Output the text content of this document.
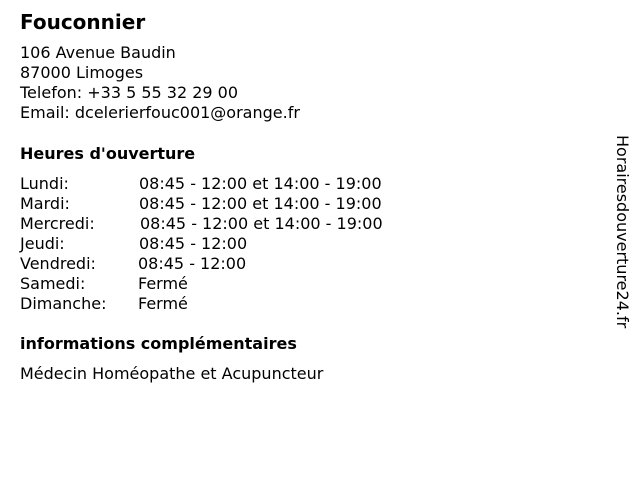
Fouconnier
106 Avenue Baudin
87000 Limoges
Telefon: +33 5 55 32 29 00
Email: dcelerierfouc001@orange.fr
Heures d'ouverture
Lundi:	08:45 - 12:00 et 14:00 - 19:00
Mardi:	08:45 - 12:00 et 14:00 - 19:00
Mercredi:	08:45 - 12:00 et 14:00 - 19:00
Jeudi:	08:45 - 12:00
Vendredi:	08:45 - 12:00
Samedi:	Fermé
Dimanche: Fermé
informations complémentaires
Médecin Homéopathe et Acupuncteur
Horairesdouverture24.fr
